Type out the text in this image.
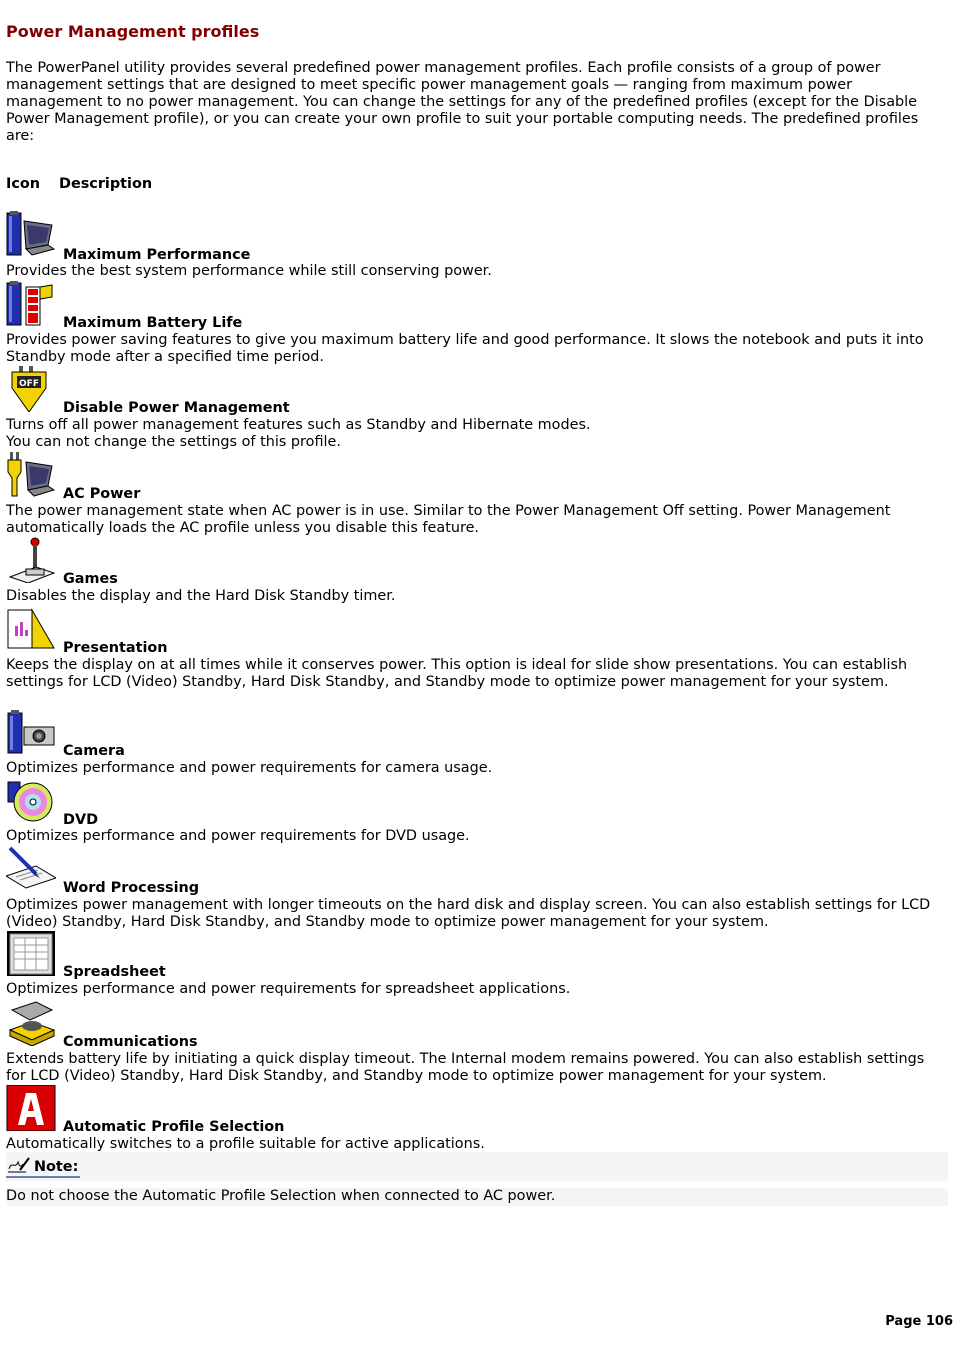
Power Management profiles

The PowerPanel utility provides several predefined power management profiles. Each profile consists of a group of power management settings that are designed to meet specific power management goals — ranging from maximum power management to no power management. You can change the settings for any of the predefined profiles (except for the Disable Power Management profile), or you can create your own profile to suit your portable computing needs. The predefined profiles are:

Icon Description
Maximum Performance

Provides the best system performance while still conserving power.

Maximum Battery Life

Provides power saving features to give you maximum battery life and good performance. It slows the notebook and puts it into Standby mode after a specified time period.

OFF
Disable Power Management

Turns off all power management features such as Standby and Hibernate modes.
You can not change the settings of this profile.

AC Power

The power management state when AC power is in use. Similar to the Power Management Off setting. Power Management automatically loads the AC profile unless you disable this feature.

Games

Disables the display and the Hard Disk Standby timer.

Presentation

Keeps the display on at all times while it conserves power. This option is ideal for slide show presentations. You can establish settings for LCD (Video) Standby, Hard Disk Standby, and Standby mode to optimize power management for your system.

Camera

Optimizes performance and power requirements for camera usage.

DVD

Optimizes performance and power requirements for DVD usage.

Word Processing

Optimizes power management with longer timeouts on the hard disk and display screen. You can also establish settings for LCD (Video) Standby, Hard Disk Standby, and Standby mode to optimize power management for your system.

Spreadsheet

Optimizes performance and power requirements for spreadsheet applications.

Communications

Extends battery life by initiating a quick display timeout. The Internal modem remains powered. You can also establish settings for LCD (Video) Standby, Hard Disk Standby, and Standby mode to optimize power management for your system.

Automatic Profile Selection

Automatically switches to a profile suitable for active applications.

Note:
Do not choose the Automatic Profile Selection when connected to AC power.
Page 106
